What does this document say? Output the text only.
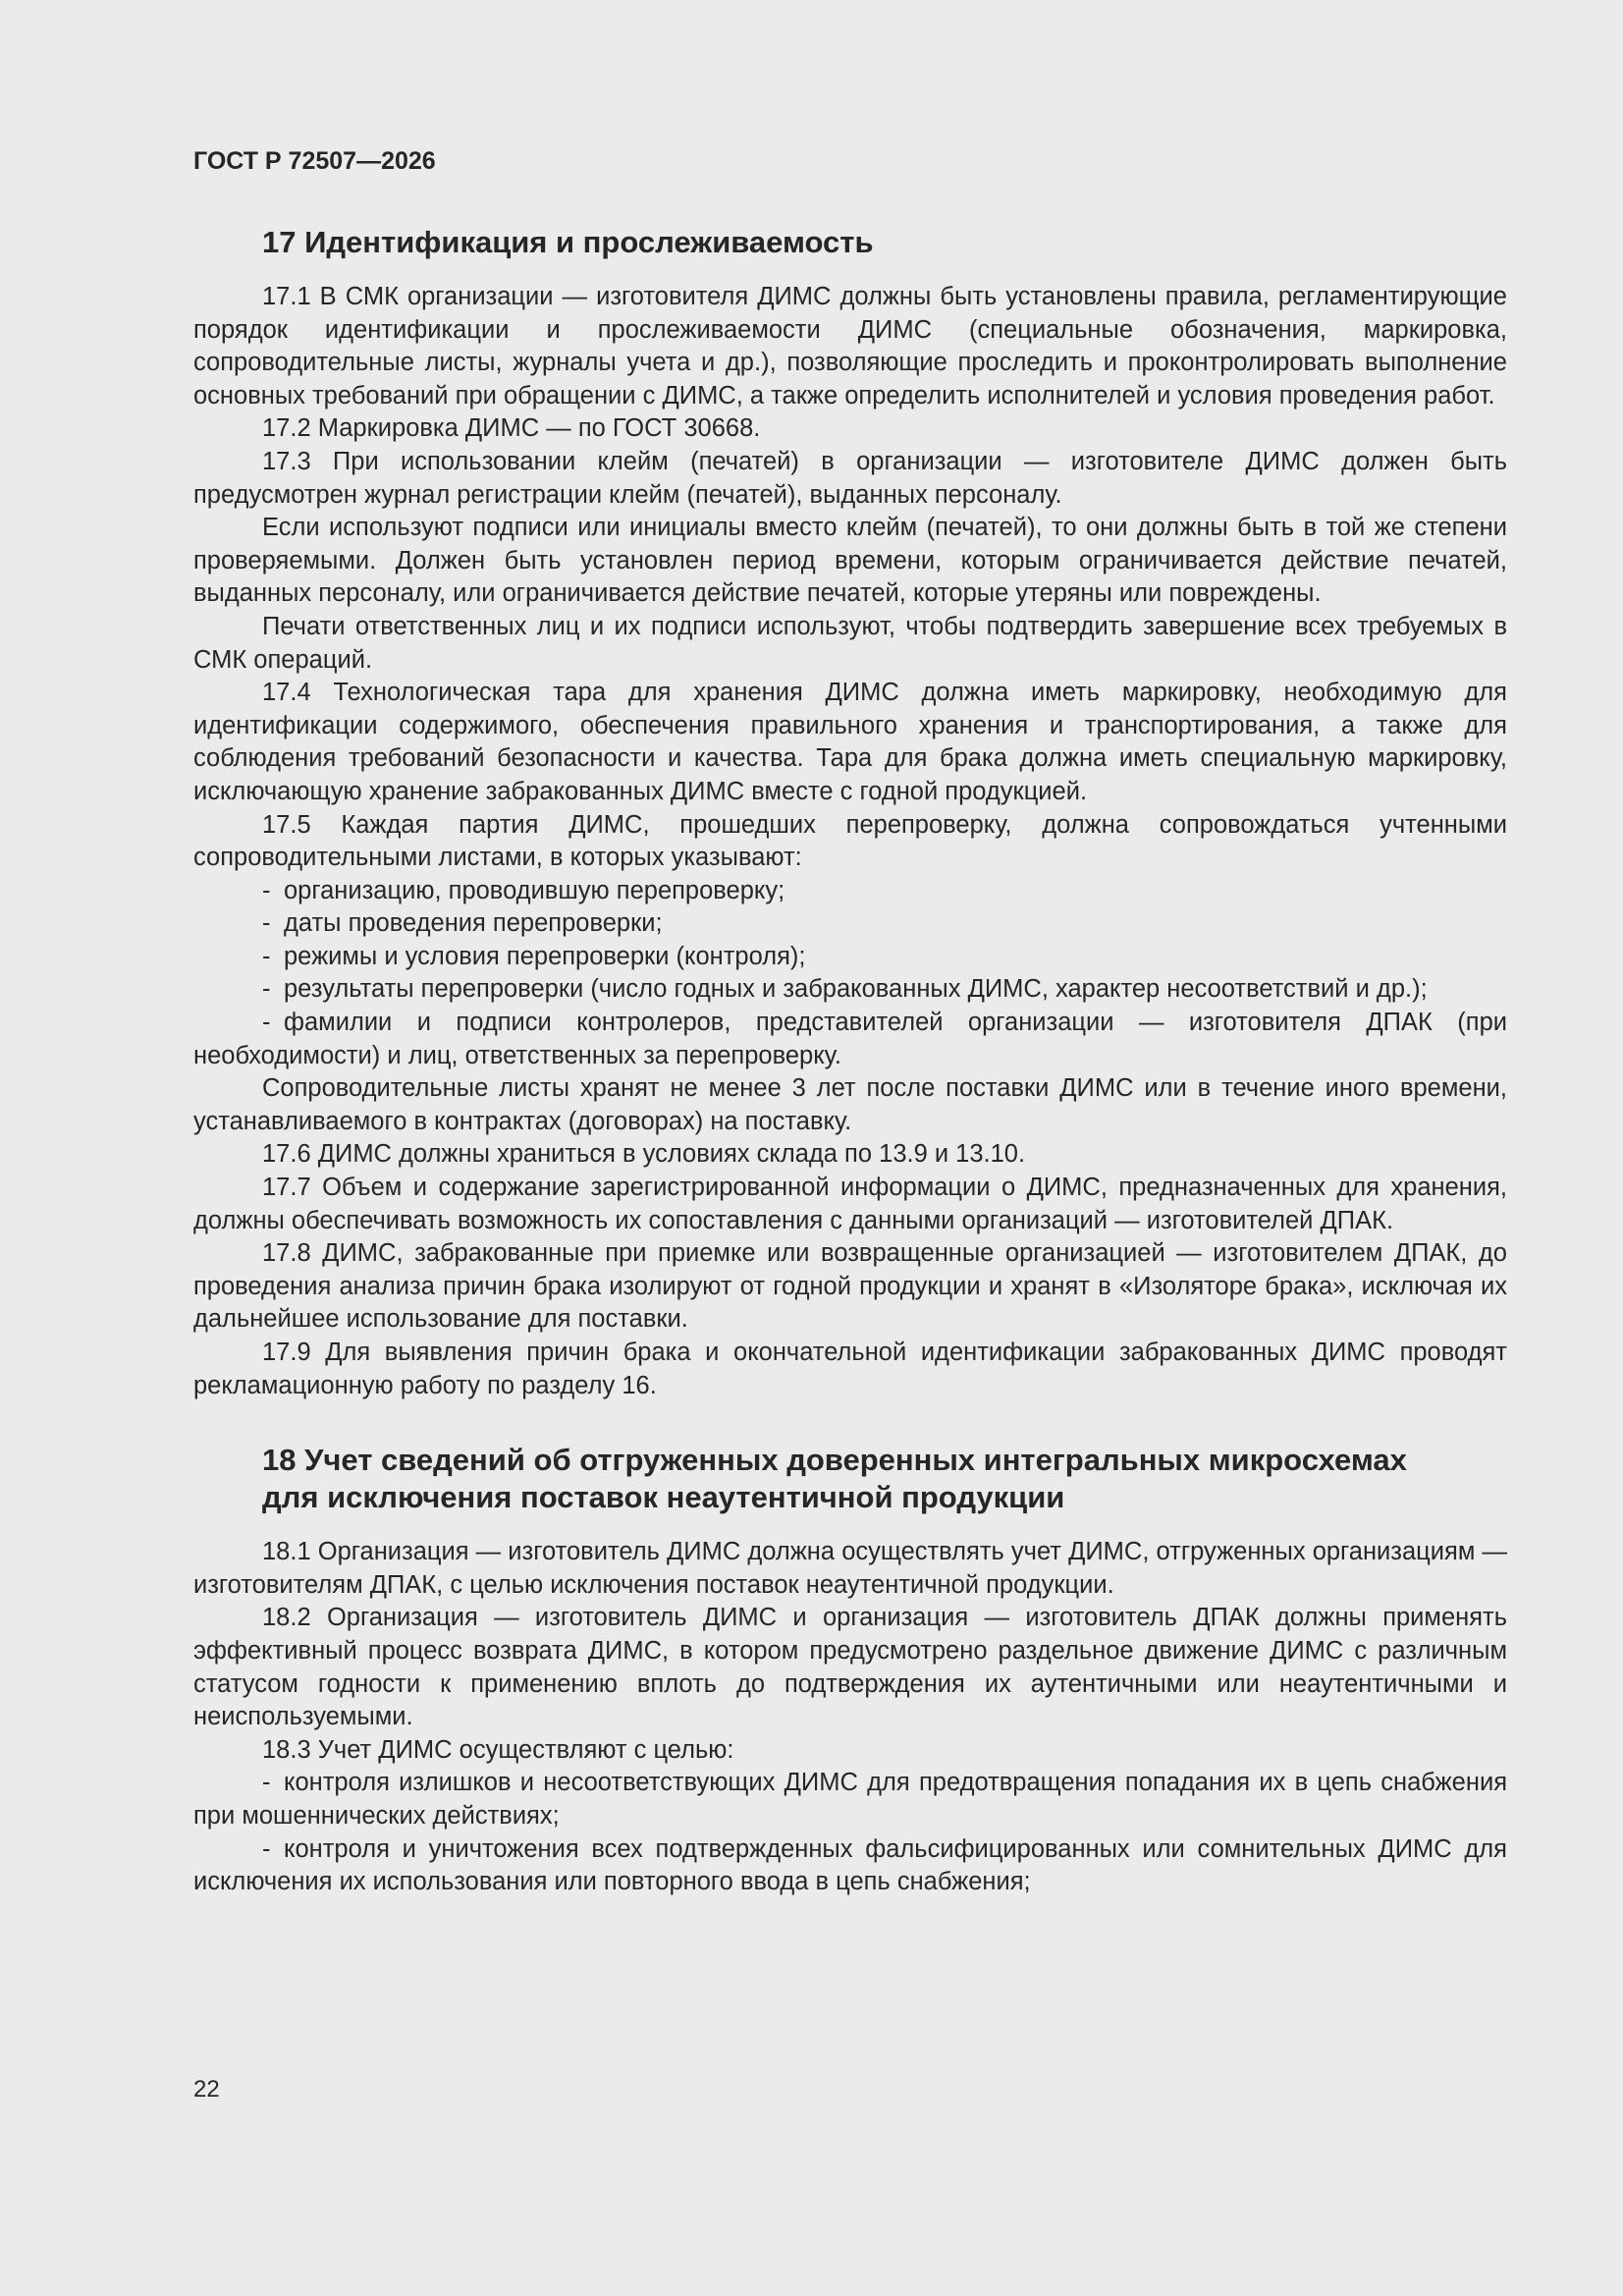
ГОСТ Р 72507—2026
17 Идентификация и прослеживаемость

17.1 В СМК организации — изготовителя ДИМС должны быть установлены правила, регламентирующие порядок идентификации и прослеживаемости ДИМС (специальные обозначения, маркировка, сопроводительные листы, журналы учета и др.), позволяющие проследить и проконтролировать выполнение основных требований при обращении с ДИМС, а также определить исполнителей и условия проведения работ.

17.2 Маркировка ДИМС — по ГОСТ 30668.

17.3 При использовании клейм (печатей) в организации — изготовителе ДИМС должен быть предусмотрен журнал регистрации клейм (печатей), выданных персоналу.

Если используют подписи или инициалы вместо клейм (печатей), то они должны быть в той же степени проверяемыми. Должен быть установлен период времени, которым ограничивается действие печатей, выданных персоналу, или ограничивается действие печатей, которые утеряны или повреждены.

Печати ответственных лиц и их подписи используют, чтобы подтвердить завершение всех требуемых в СМК операций.

17.4 Технологическая тара для хранения ДИМС должна иметь маркировку, необходимую для идентификации содержимого, обеспечения правильного хранения и транспортирования, а также для соблюдения требований безопасности и качества. Тара для брака должна иметь специальную маркировку, исключающую хранение забракованных ДИМС вместе с годной продукцией.

17.5 Каждая партия ДИМС, прошедших перепроверку, должна сопровождаться учтенными сопроводительными листами, в которых указывают:

- организацию, проводившую перепроверку;

- даты проведения перепроверки;

- режимы и условия перепроверки (контроля);

- результаты перепроверки (число годных и забракованных ДИМС, характер несоответствий и др.);

- фамилии и подписи контролеров, представителей организации — изготовителя ДПАК (при необходимости) и лиц, ответственных за перепроверку.

Сопроводительные листы хранят не менее 3 лет после поставки ДИМС или в течение иного времени, устанавливаемого в контрактах (договорах) на поставку.

17.6 ДИМС должны храниться в условиях склада по 13.9 и 13.10.

17.7 Объем и содержание зарегистрированной информации о ДИМС, предназначенных для хранения, должны обеспечивать возможность их сопоставления с данными организаций — изготовителей ДПАК.

17.8 ДИМС, забракованные при приемке или возвращенные организацией — изготовителем ДПАК, до проведения анализа причин брака изолируют от годной продукции и хранят в «Изоляторе брака», исключая их дальнейшее использование для поставки.

17.9 Для выявления причин брака и окончательной идентификации забракованных ДИМС проводят рекламационную работу по разделу 16.

18 Учет сведений об отгруженных доверенных интегральных микросхемах
для исключения поставок неаутентичной продукции

18.1 Организация — изготовитель ДИМС должна осуществлять учет ДИМС, отгруженных организациям — изготовителям ДПАК, с целью исключения поставок неаутентичной продукции.

18.2 Организация — изготовитель ДИМС и организация — изготовитель ДПАК должны применять эффективный процесс возврата ДИМС, в котором предусмотрено раздельное движение ДИМС с различным статусом годности к применению вплоть до подтверждения их аутентичными или неаутентичными и неиспользуемыми.

18.3 Учет ДИМС осуществляют с целью:

- контроля излишков и несоответствующих ДИМС для предотвращения попадания их в цепь снабжения при мошеннических действиях;

- контроля и уничтожения всех подтвержденных фальсифицированных или сомнительных ДИМС для исключения их использования или повторного ввода в цепь снабжения;

22
